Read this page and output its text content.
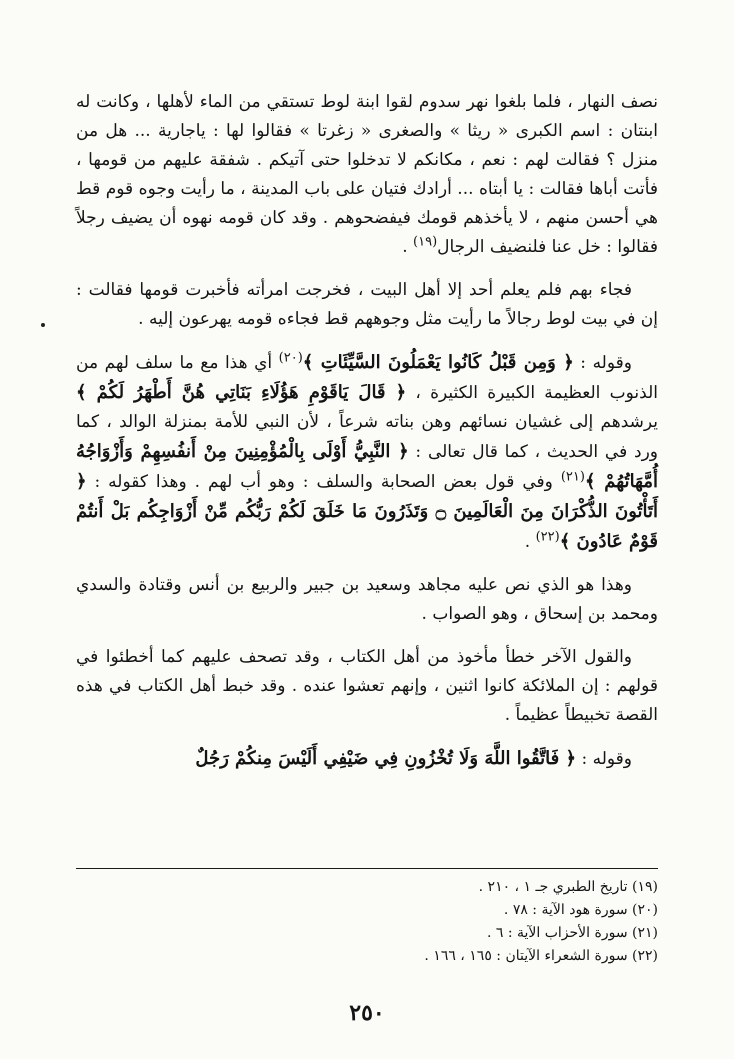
نصف النهار ، فلما بلغوا نهر سدوم لقوا ابنة لوط تستقي من الماء لأهلها ، وكانت له ابنتان : اسم الكبرى « ريثا » والصغرى « زغرتا » فقالوا لها : ياجارية ... هل من منزل ؟ فقالت لهم : نعم ، مكانكم لا تدخلوا حتى آتيكم . شفقة عليهم من قومها ، فأتت أباها فقالت : يا أبتاه ... أرادك فتيان على باب المدينة ، ما رأيت وجوه قوم قط هي أحسن منهم ، لا يأخذهم قومك فيفضحوهم . وقد كان قومه نهوه أن يضيف رجلاً فقالوا : خل عنا فلنضيف الرجال$^{(١٩)}$ .

فجاء بهم فلم يعلم أحد إلا أهل البيت ، فخرجت امرأته فأخبرت قومها فقالت : إن في بيت لوط رجالاً ما رأيت مثل وجوههم قط فجاءه قومه يهرعون إليه .

وقوله : ﴿ وَمِن قَبْلُ كَانُوا يَعْمَلُونَ السَّيِّئَاتِ ﴾$^{(٢٠)}$ أي هذا مع ما سلف لهم من الذنوب العظيمة الكبيرة الكثيرة ، ﴿ قَالَ يَاقَوْمِ هَؤُلَاءِ بَنَاتِي هُنَّ أَطْهَرُ لَكُمْ ﴾ يرشدهم إلى غشيان نسائهم وهن بناته شرعاً ، لأن النبي للأمة بمنزلة الوالد ، كما ورد في الحديث ، كما قال تعالى : ﴿ النَّبِيُّ أَوْلَى بِالْمُؤْمِنِينَ مِنْ أَنفُسِهِمْ وَأَزْوَاجُهُ أُمَّهَاتُهُمْ ﴾$^{(٢١)}$ وفي قول بعض الصحابة والسلف : وهو أب لهم . وهذا كقوله : ﴿ أَتَأْتُونَ الذُّكْرَانَ مِنَ الْعَالَمِينَ ۝ وَتَذَرُونَ مَا خَلَقَ لَكُمْ رَبُّكُم مِّنْ أَزْوَاجِكُم بَلْ أَنتُمْ قَوْمٌ عَادُونَ ﴾$^{(٢٢)}$ .

وهذا هو الذي نص عليه مجاهد وسعيد بن جبير والربيع بن أنس وقتادة والسدي ومحمد بن إسحاق ، وهو الصواب .

والقول الآخر خطأ مأخوذ من أهل الكتاب ، وقد تصحف عليهم كما أخطئوا في قولهم : إن الملائكة كانوا اثنين ، وإنهم تعشوا عنده . وقد خبط أهل الكتاب في هذه القصة تخبيطاً عظيماً .

وقوله : ﴿ فَاتَّقُوا اللَّهَ وَلَا تُخْزُونِ فِي ضَيْفِي أَلَيْسَ مِنكُمْ رَجُلٌ

(١٩) تاريخ الطبري جـ ١ ، ٢١٠ .
(٢٠) سورة هود الآية : ٧٨ .
(٢١) سورة الأحزاب الآية : ٦ .
(٢٢) سورة الشعراء الآيتان : ١٦٥ ، ١٦٦ .
٢٥٠
